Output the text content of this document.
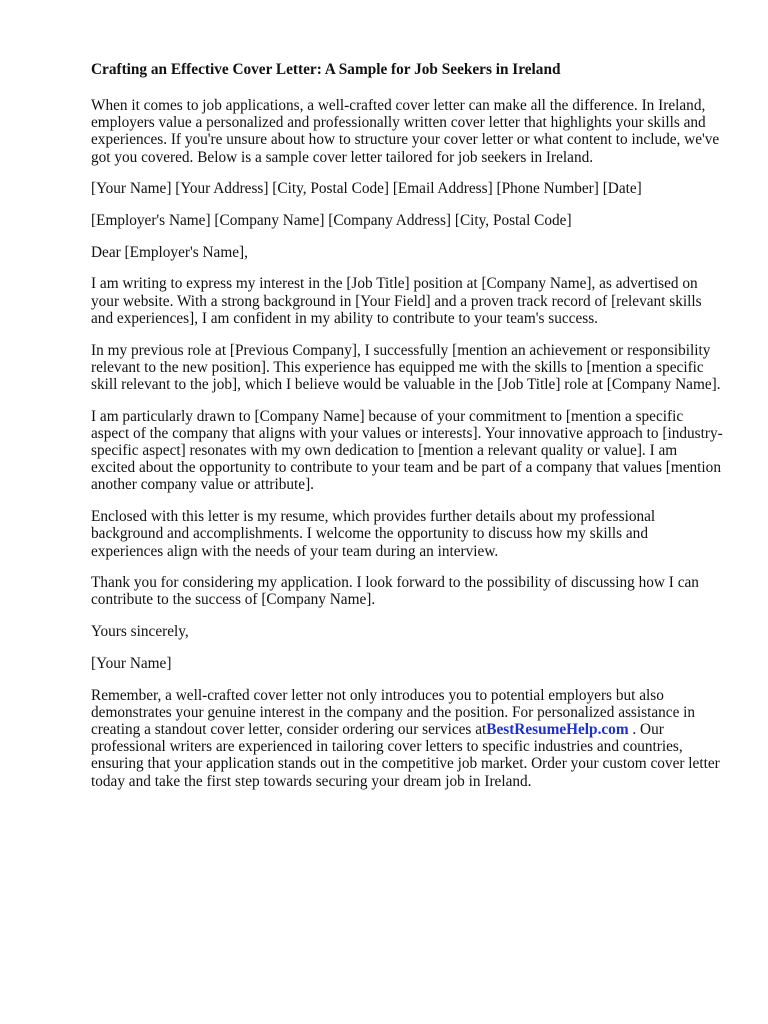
Crafting an Effective Cover Letter: A Sample for Job Seekers in Ireland

When it comes to job applications, a well-crafted cover letter can make all the difference. In Ireland, employers value a personalized and professionally written cover letter that highlights your skills and experiences. If you're unsure about how to structure your cover letter or what content to include, we've got you covered. Below is a sample cover letter tailored for job seekers in Ireland.

[Your Name] [Your Address] [City, Postal Code] [Email Address] [Phone Number] [Date]

[Employer's Name] [Company Name] [Company Address] [City, Postal Code]

Dear [Employer's Name],

I am writing to express my interest in the [Job Title] position at [Company Name], as advertised on your website. With a strong background in [Your Field] and a proven track record of [relevant skills and experiences], I am confident in my ability to contribute to your team's success.

In my previous role at [Previous Company], I successfully [mention an achievement or responsibility relevant to the new position]. This experience has equipped me with the skills to [mention a specific skill relevant to the job], which I believe would be valuable in the [Job Title] role at [Company Name].

I am particularly drawn to [Company Name] because of your commitment to [mention a specific aspect of the company that aligns with your values or interests]. Your innovative approach to [industry-specific aspect] resonates with my own dedication to [mention a relevant quality or value]. I am excited about the opportunity to contribute to your team and be part of a company that values [mention another company value or attribute].

Enclosed with this letter is my resume, which provides further details about my professional background and accomplishments. I welcome the opportunity to discuss how my skills and experiences align with the needs of your team during an interview.

Thank you for considering my application. I look forward to the possibility of discussing how I can contribute to the success of [Company Name].

Yours sincerely,

[Your Name]

Remember, a well-crafted cover letter not only introduces you to potential employers but also demonstrates your genuine interest in the company and the position. For personalized assistance in creating a standout cover letter, consider ordering our services atBestResumeHelp.com . Our professional writers are experienced in tailoring cover letters to specific industries and countries, ensuring that your application stands out in the competitive job market. Order your custom cover letter today and take the first step towards securing your dream job in Ireland.
